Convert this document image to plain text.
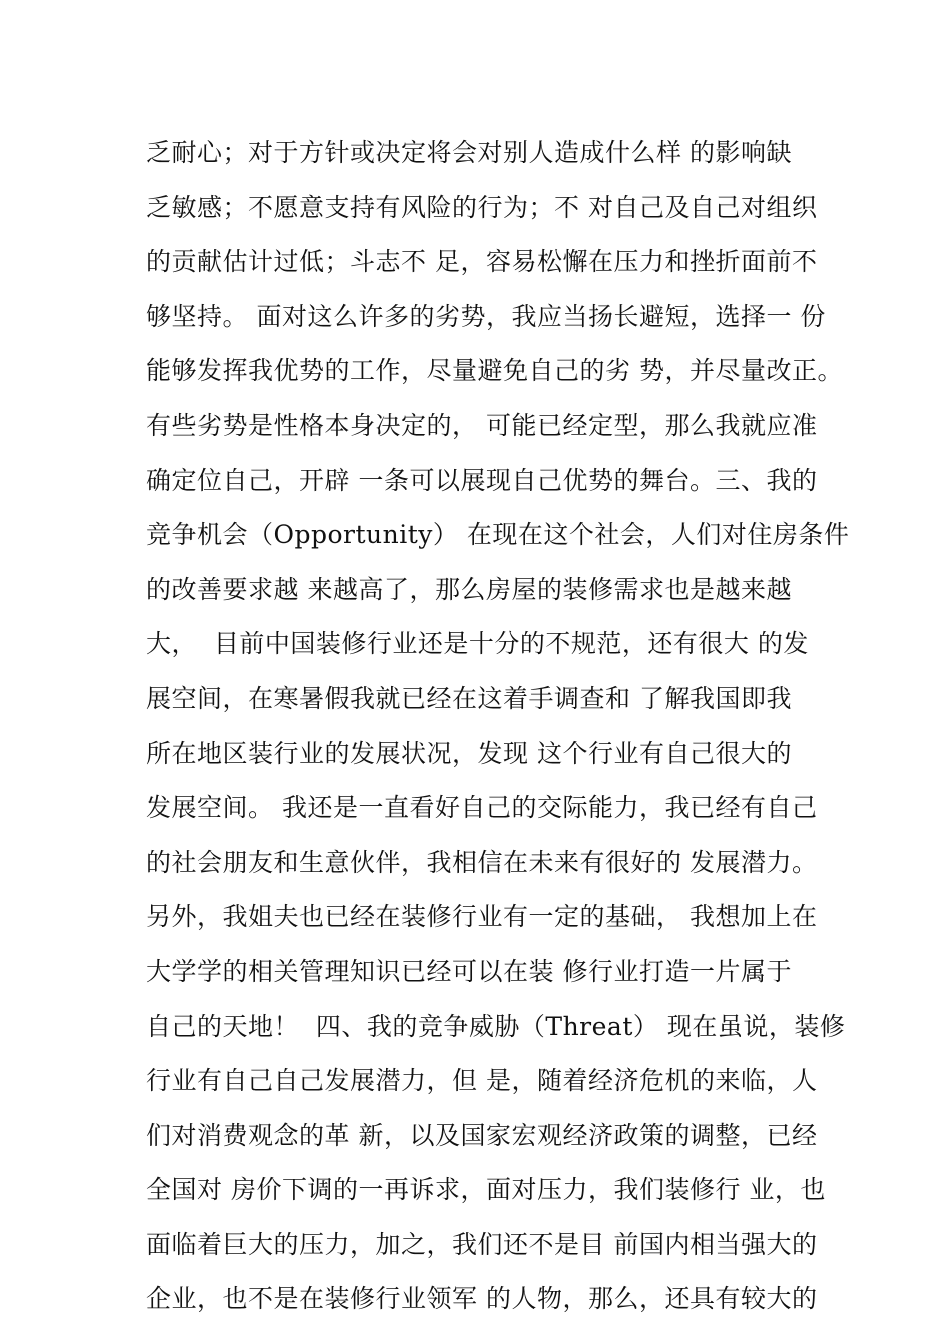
乏耐心；对于方针或决定将会对别人造成什么样 的影响缺
乏敏感；不愿意支持有风险的行为；不 对自己及自己对组织
的贡献估计过低；斗志不 足，容易松懈在压力和挫折面前不
够坚持。 面对这么许多的劣势，我应当扬长避短，选择一 份
能够发挥我优势的工作，尽量避免自己的劣 势，并尽量改正。
有些劣势是性格本身决定的， 可能已经定型，那么我就应准
确定位自己，开辟 一条可以展现自己优势的舞台。三、我的
竞争机会（Opportunity） 在现在这个社会，人们对住房条件
的改善要求越 来越高了，那么房屋的装修需求也是越来越
大，  目前中国装修行业还是十分的不规范，还有很大 的发
展空间，在寒暑假我就已经在这着手调查和 了解我国即我
所在地区装行业的发展状况，发现 这个行业有自己很大的
发展空间。 我还是一直看好自己的交际能力，我已经有自己
的社会朋友和生意伙伴，我相信在未来有很好的 发展潜力。
另外，我姐夫也已经在装修行业有一定的基础， 我想加上在
大学学的相关管理知识已经可以在装 修行业打造一片属于
自己的天地！  四、我的竞争威胁（Threat） 现在虽说，装修
行业有自己自己发展潜力，但 是，随着经济危机的来临，人
们对消费观念的革 新，以及国家宏观经济政策的调整，已经
全国对 房价下调的一再诉求，面对压力，我们装修行 业，也
面临着巨大的压力，加之，我们还不是目 前国内相当强大的
企业，也不是在装修行业领军 的人物，那么，还具有较大的
